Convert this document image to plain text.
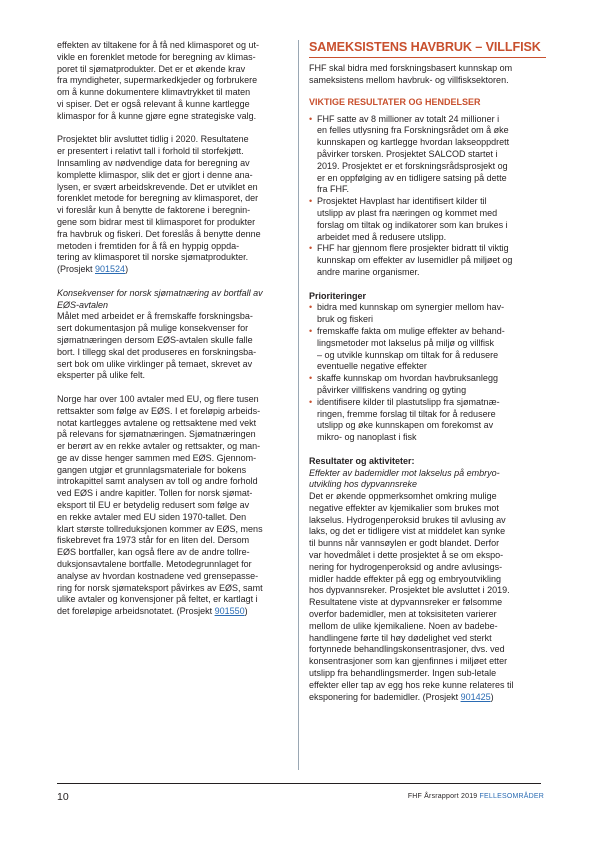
effekten av tiltakene for å få ned klimasporet og ut-
vikle en forenklet metode for beregning av klimas-
poret til sjømatprodukter. Det er et økende krav
fra myndigheter, supermarkedkjeder og forbrukere
om å kunne dokumentere klimavtrykket til maten
vi spiser. Det er også relevant å kunne kartlegge
klimaspor for å kunne gjøre egne strategiske valg.
Prosjektet blir avsluttet tidlig i 2020. Resultatene
er presentert i relativt tall i forhold til storfekjøtt.
Innsamling av nødvendige data for beregning av
komplette klimaspor, slik det er gjort i denne ana-
lysen, er svært arbeidskrevende. Det er utviklet en
forenklet metode for beregning av klimasporet, der
vi foreslår kun å benytte de faktorene i beregnin-
gene som bidrar mest til klimasporet for produkter
fra havbruk og fiskeri. Det foreslås å benytte denne
metoden i fremtiden for å få en hyppig oppda-
tering av klimasporet til norske sjømatprodukter.
(Prosjekt 901524)
Konsekvenser for norsk sjømatnæring av bortfall av
EØS-avtalen
Målet med arbeidet er å fremskaffe forskningsba-
sert dokumentasjon på mulige konsekvenser for
sjømatnæringen dersom EØS-avtalen skulle falle
bort. I tillegg skal det produseres en forskningsba-
sert bok om ulike virklinger på temaet, skrevet av
eksperter på ulike felt.
Norge har over 100 avtaler med EU, og flere tusen
rettsakter som følge av EØS. I et foreløpig arbeids-
notat kartlegges avtalene og rettsaktene med vekt
på relevans for sjømatnæringen. Sjømatnæringen
er berørt av en rekke avtaler og rettsakter, og man-
ge av disse henger sammen med EØS. Gjennom-
gangen utgjør et grunnlagsmateriale for bokens
introkapittel samt analysen av toll og andre forhold
ved EØS i andre kapitler. Tollen for norsk sjømat-
eksport til EU er betydelig redusert som følge av
en rekke avtaler med EU siden 1970-tallet. Den
klart største tollreduksjonen kommer av EØS, mens
fiskebrevet fra 1973 står for en liten del. Dersom
EØS bortfaller, kan også flere av de andre tollre-
duksjonsavtalene bortfalle. Metodegrunnlaget for
analyse av hvordan kostnadene ved grensepasse-
ring for norsk sjømateksport påvirkes av EØS, samt
ulike avtaler og konvensjoner på feltet, er kartlagt i
det foreløpige arbeidsnotatet. (Prosjekt 901550)
SAMEKSISTENS HAVBRUK – VILLFISK
FHF skal bidra med forskningsbasert kunnskap om
sameksistens mellom havbruk- og villfisksektoren.
VIKTIGE RESULTATER OG HENDELSER
• FHF satte av 8 millioner av totalt 24 millioner i
en felles utlysning fra Forskningsrådet om å øke
kunnskapen og kartlegge hvordan lakseoppdrett
påvirker torsken. Prosjektet SALCOD startet i
2019. Prosjektet er et forskningsrådsprosjekt og
er en oppfølging av en tidligere satsing på dette
fra FHF.
• Prosjektet Havplast har identifisert kilder til
utslipp av plast fra næringen og kommet med
forslag om tiltak og indikatorer som kan brukes i
arbeidet med å redusere utslipp.
• FHF har gjennom flere prosjekter bidratt til viktig
kunnskap om effekter av lusemidler på miljøet og
andre marine organismer.
Prioriteringer
• bidra med kunnskap om synergier mellom hav-
bruk og fiskeri
• fremskaffe fakta om mulige effekter av behand-
lingsmetoder mot lakselus på miljø og villfisk
– og utvikle kunnskap om tiltak for å redusere
eventuelle negative effekter
• skaffe kunnskap om hvordan havbruksanlegg
påvirker villfiskens vandring og gyting
• identifisere kilder til plastutslipp fra sjømatnæ-
ringen, fremme forslag til tiltak for å redusere
utslipp og øke kunnskapen om forekomst av
mikro- og nanoplast i fisk
Resultater og aktiviteter:
Effekter av bademidler mot lakselus på embryo-
utvikling hos dypvannsreke
Det er økende oppmerksomhet omkring mulige
negative effekter av kjemikalier som brukes mot
lakselus. Hydrogenperoksid brukes til avlusing av
laks, og det er tidligere vist at middelet kan synke
til bunns når vannsøylen er godt blandet. Derfor
var hovedmålet i dette prosjektet å se om ekspo-
nering for hydrogenperoksid og andre avlusings-
midler hadde effekter på egg og embryoutvikling
hos dypvannsreker. Prosjektet ble avsluttet i 2019.
Resultatene viste at dypvannsreker er følsomme
overfor bademidler, men at toksisiteten varierer
mellom de ulike kjemikaliene. Noen av badebe-
handlingene førte til høy dødelighet ved sterkt
fortynnede behandlingskonsentrasjoner, dvs. ved
konsentrasjoner som kan gjenfinnes i miljøet etter
utslipp fra behandlingsmerder. Ingen sub-letale
effekter eller tap av egg hos reke kunne relateres til
eksponering for bademidler. (Prosjekt 901425)
10	FHF Årsrapport 2019 FELLESOMRÅDER
